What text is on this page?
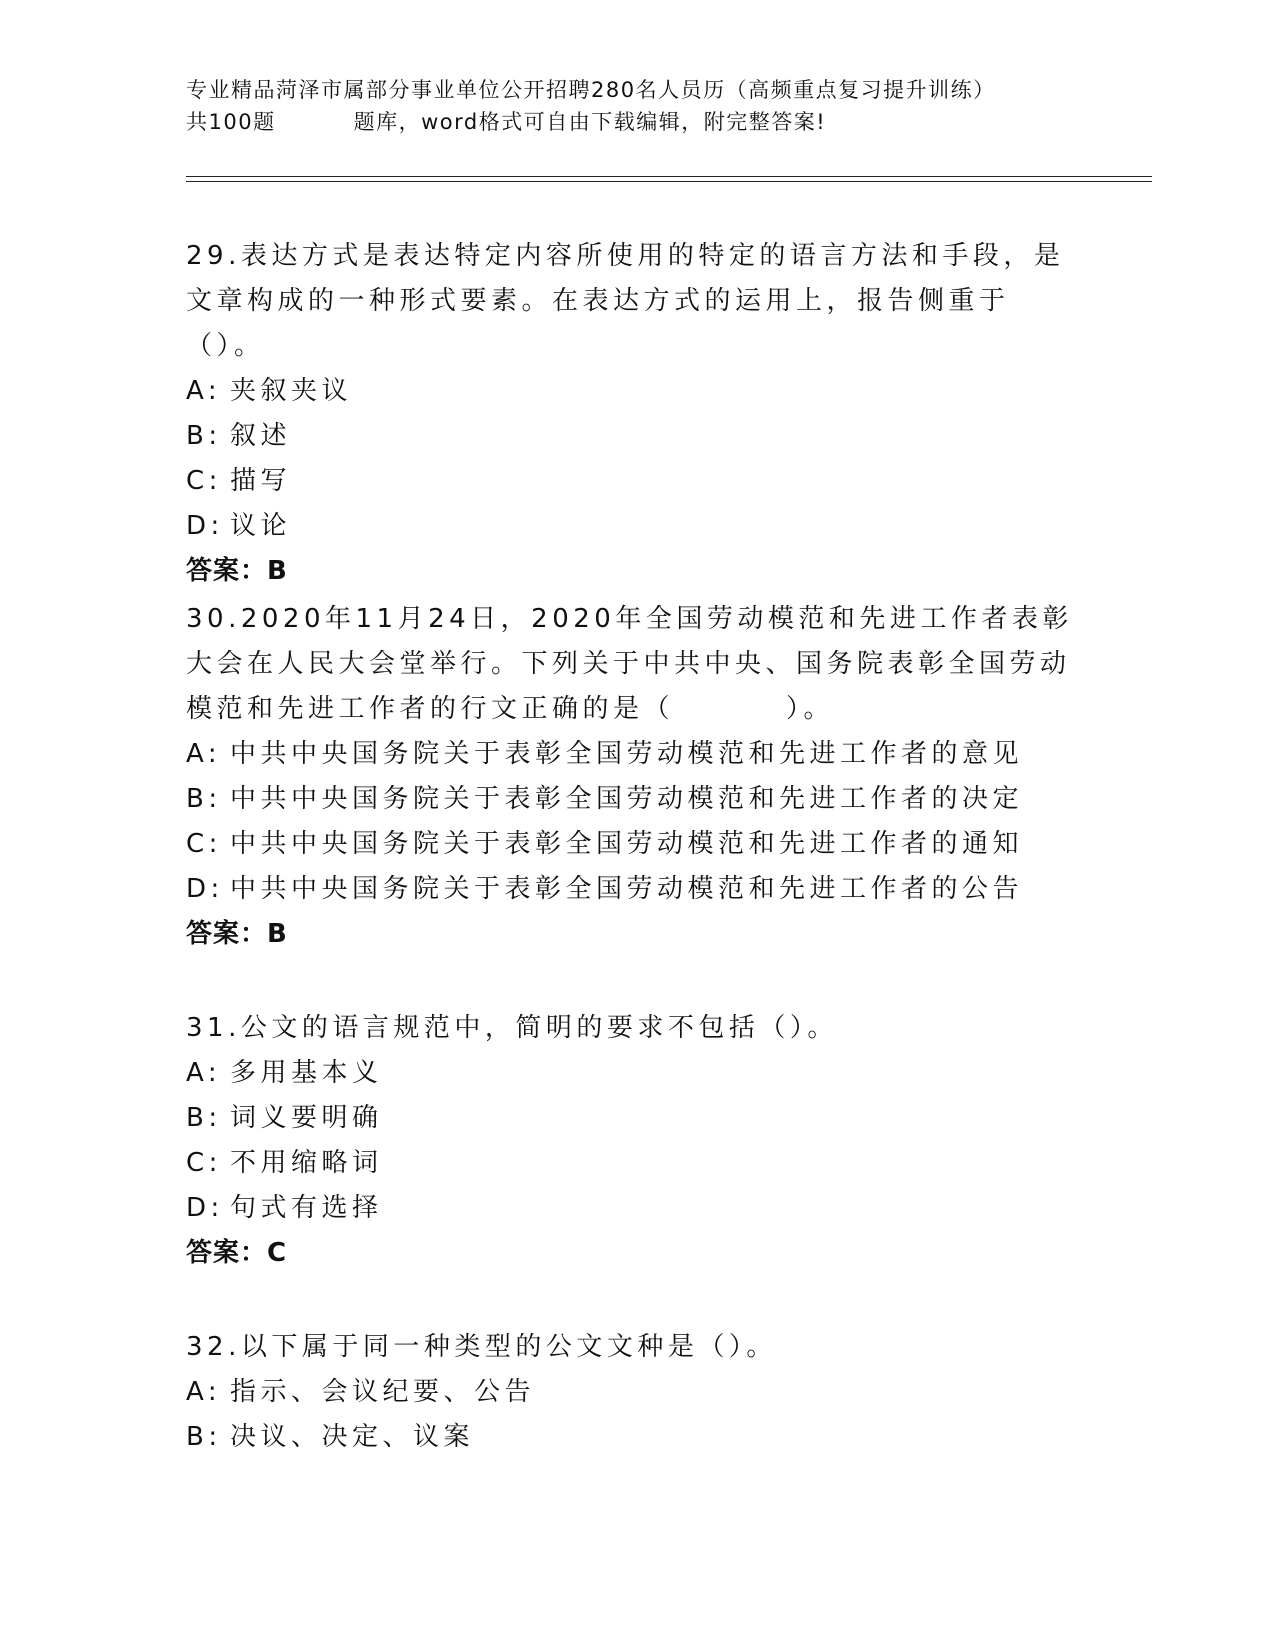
专业精品菏泽市属部分事业单位公开招聘280名人员历（高频重点复习提升训练）
共100题	题库，word格式可自由下载编辑，附完整答案!
29.表达方式是表达特定内容所使用的特定的语言方法和手段，是文章构成的一种形式要素。在表达方式的运用上，报告侧重于（）。
A: 夹叙夹议
B: 叙述
C: 描写
D: 议论
答案：B
30.2020年11月24日，2020年全国劳动模范和先进工作者表彰大会在人民大会堂举行。下列关于中共中央、国务院表彰全国劳动模范和先进工作者的行文正确的是（	）。
A: 中共中央国务院关于表彰全国劳动模范和先进工作者的意见
B: 中共中央国务院关于表彰全国劳动模范和先进工作者的决定
C: 中共中央国务院关于表彰全国劳动模范和先进工作者的通知
D: 中共中央国务院关于表彰全国劳动模范和先进工作者的公告
答案：B
31.公文的语言规范中，简明的要求不包括（）。
A: 多用基本义
B: 词义要明确
C: 不用缩略词
D: 句式有选择
答案：C
32.以下属于同一种类型的公文文种是（）。
A: 指示、会议纪要、公告
B: 决议、决定、议案
